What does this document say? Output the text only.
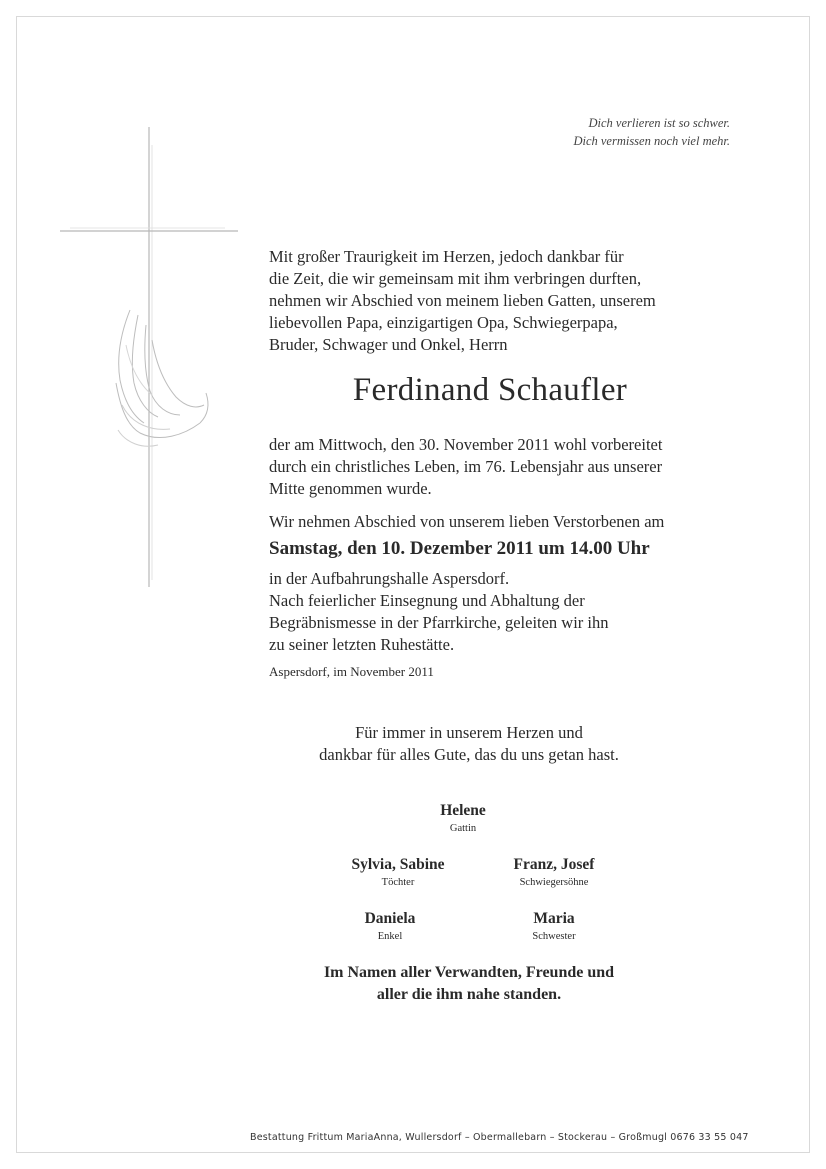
Dich verlieren ist so schwer.
Dich vermissen noch viel mehr.
Mit großer Traurigkeit im Herzen, jedoch dankbar für
die Zeit, die wir gemeinsam mit ihm verbringen durften,
nehmen wir Abschied von meinem lieben Gatten, unserem
liebevollen Papa, einzigartigen Opa, Schwiegerpapa,
Bruder, Schwager und Onkel, Herrn
Ferdinand Schaufler
der am Mittwoch, den 30. November 2011 wohl vorbereitet
durch ein christliches Leben, im 76. Lebensjahr aus unserer
Mitte genommen wurde.
Wir nehmen Abschied von unserem lieben Verstorbenen am
Samstag, den 10. Dezember 2011 um 14.00 Uhr
in der Aufbahrungshalle Aspersdorf.
Nach feierlicher Einsegnung und Abhaltung der
Begräbnismesse in der Pfarrkirche, geleiten wir ihn
zu seiner letzten Ruhestätte.
Aspersdorf, im November 2011
Für immer in unserem Herzen und
dankbar für alles Gute, das du uns getan hast.
Helene
Gattin
Sylvia, Sabine
Töchter
Franz, Josef
Schwiegersöhne
Daniela
Enkel
Maria
Schwester
Im Namen aller Verwandten, Freunde und
aller die ihm nahe standen.
Bestattung Frittum MariaAnna, Wullersdorf – Obermallebarn – Stockerau – Großmugl 0676 33 55 047
